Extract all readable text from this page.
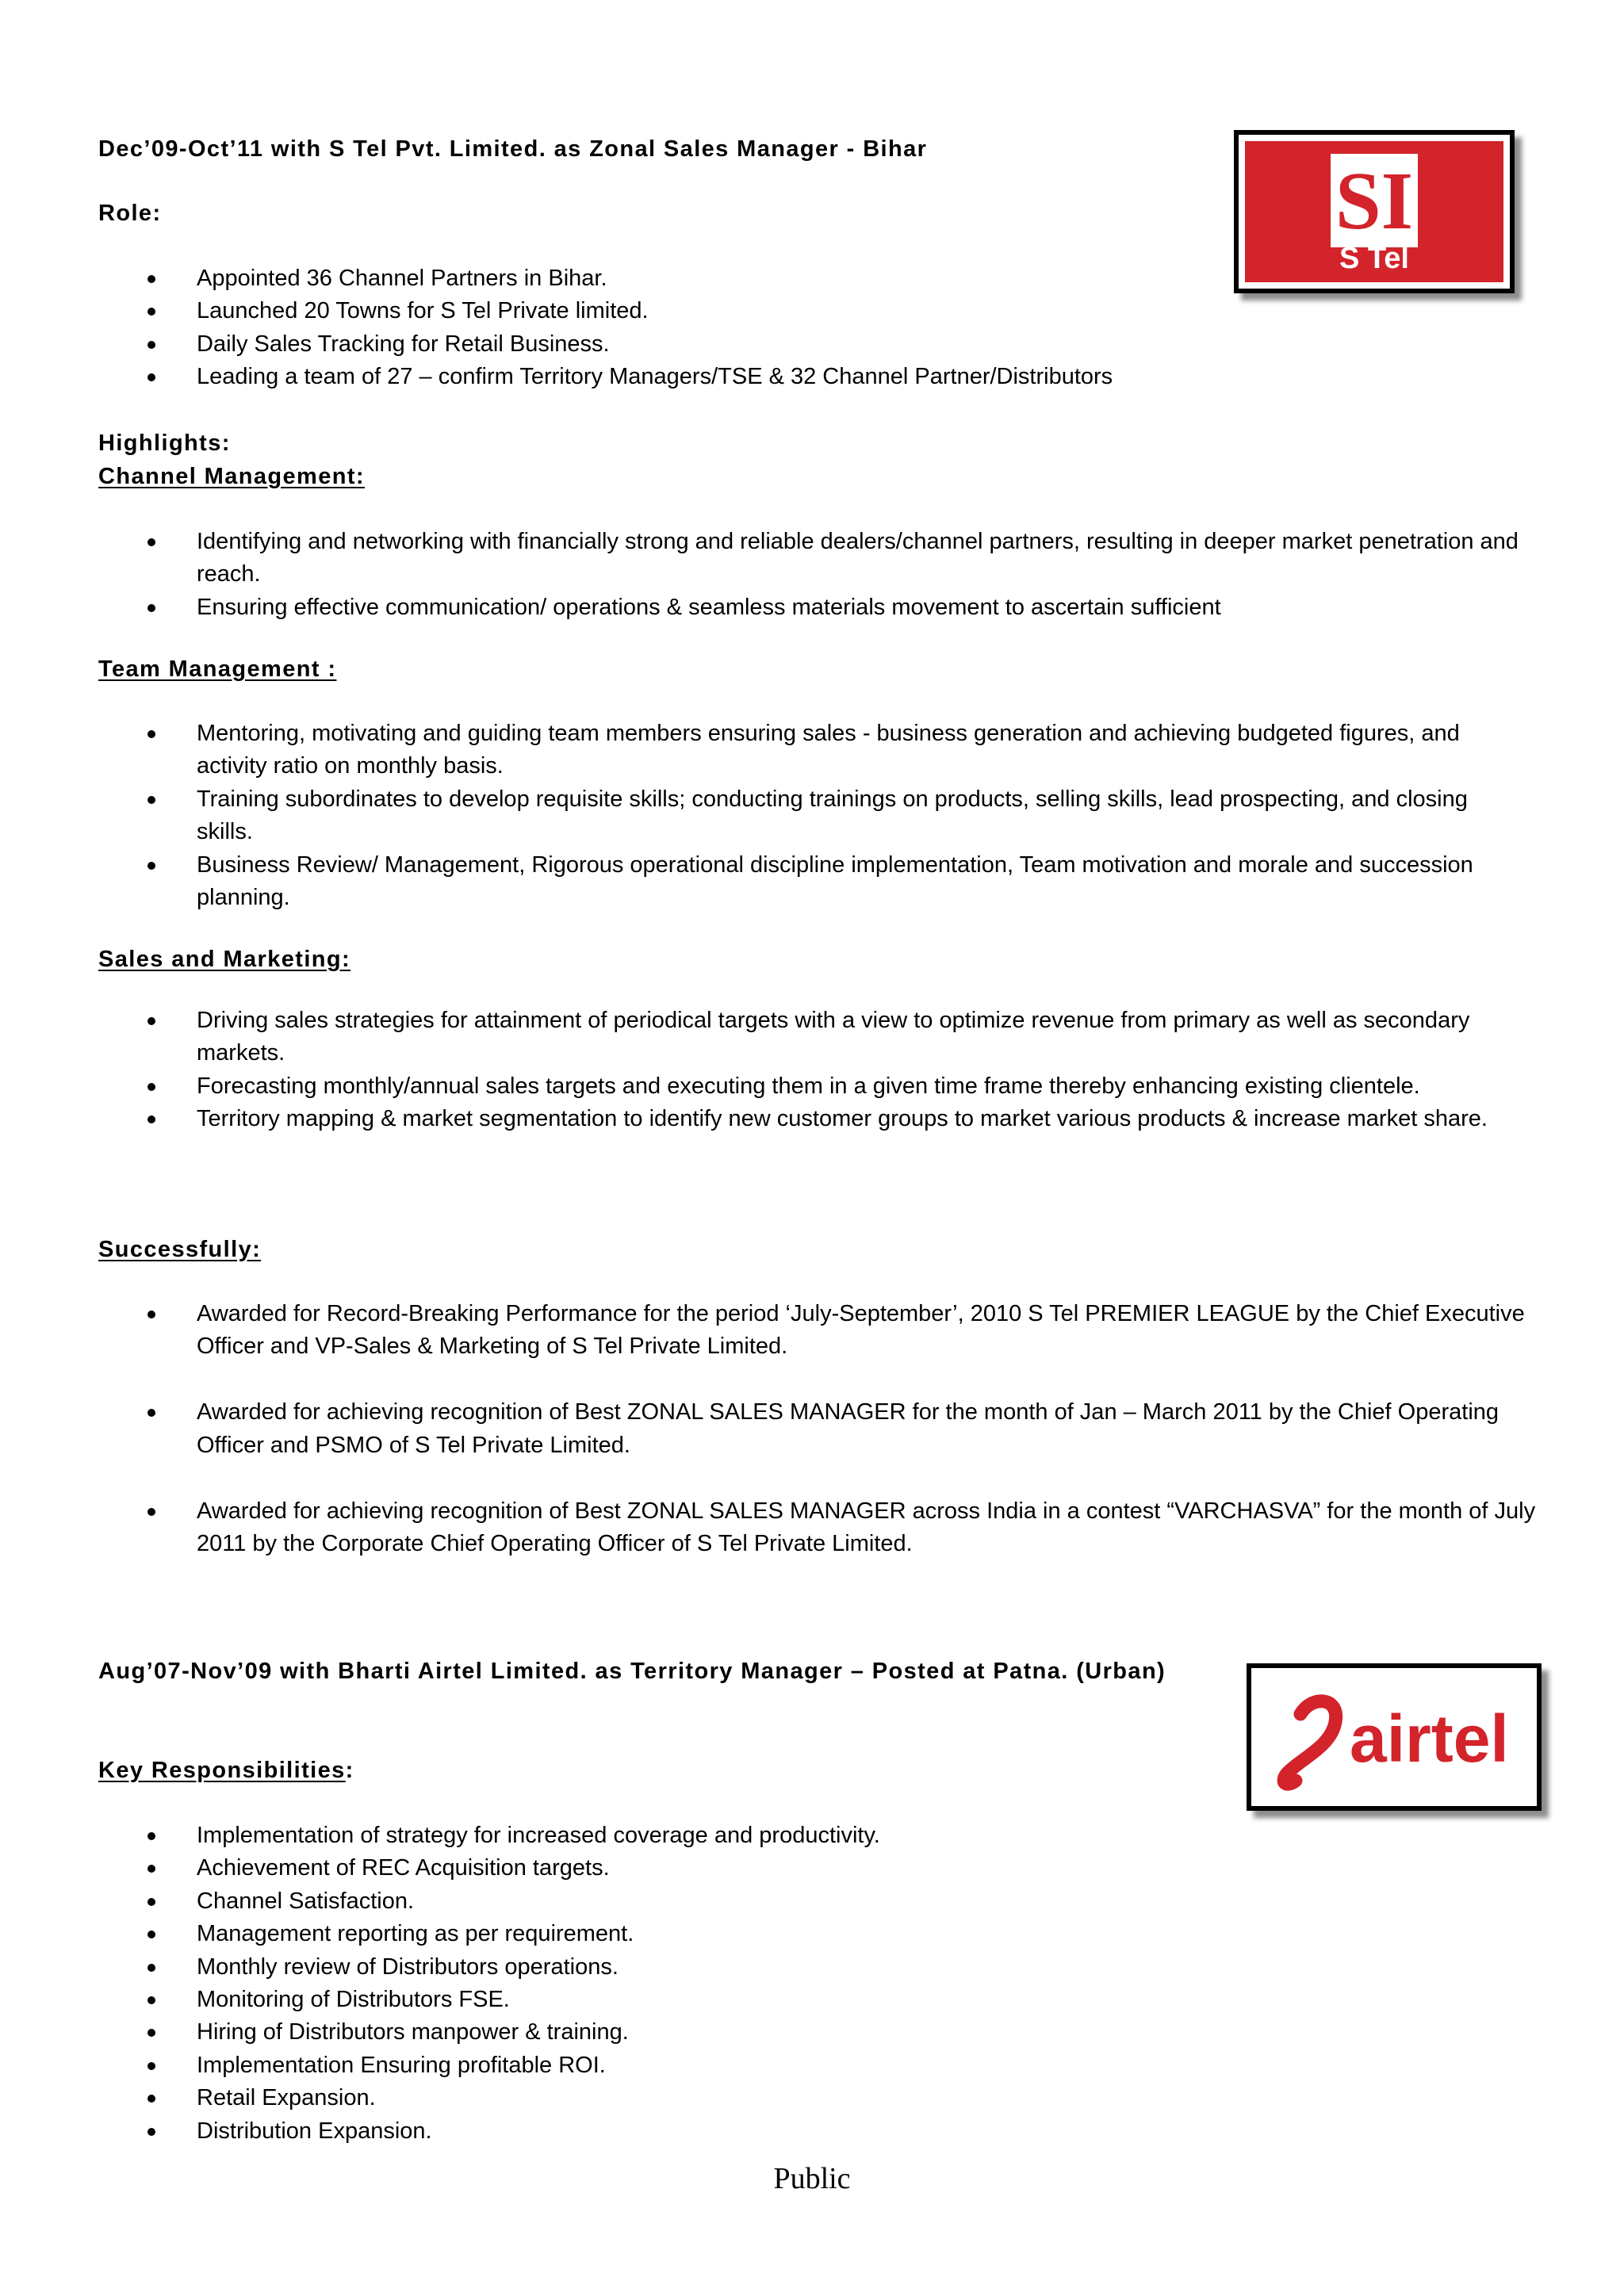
Dec’09-Oct’11 with S Tel Pvt. Limited. as Zonal Sales Manager - Bihar
SI
S Tel
Role:
Appointed 36 Channel Partners in Bihar.
Launched 20 Towns for S Tel Private limited.
Daily Sales Tracking for Retail Business.
Leading a team of 27 – confirm Territory Managers/TSE & 32 Channel Partner/Distributors
Highlights:
Channel Management:
Identifying and networking with financially strong and reliable dealers/channel partners, resulting in deeper market penetration and reach.
Ensuring effective communication/ operations & seamless materials movement to ascertain sufficient
Team Management :
Mentoring, motivating and guiding team members ensuring sales - business generation and achieving budgeted figures, and activity ratio on monthly basis.
Training subordinates to develop requisite skills; conducting trainings on products, selling skills, lead prospecting, and closing skills.
Business Review/ Management, Rigorous operational discipline implementation, Team motivation and morale and succession planning.
Sales and Marketing:
Driving sales strategies for attainment of periodical targets with a view to optimize revenue from primary as well as secondary markets.
Forecasting monthly/annual sales targets and executing them in a given time frame thereby enhancing existing clientele.
Territory mapping & market segmentation to identify new customer groups to market various products & increase market share.
Successfully:
Awarded for Record-Breaking Performance for the period ‘July-September’, 2010 S Tel PREMIER LEAGUE by the Chief Executive Officer and VP-Sales & Marketing of S Tel Private Limited.
Awarded for achieving recognition of Best ZONAL SALES MANAGER for the month of Jan – March 2011 by the Chief Operating Officer and PSMO of S Tel Private Limited.
Awarded for achieving recognition of Best ZONAL SALES MANAGER across India in a contest “VARCHASVA” for the month of July 2011 by the Corporate Chief Operating Officer of S Tel Private Limited.
Aug’07-Nov’09 with Bharti Airtel Limited. as Territory Manager – Posted at Patna. (Urban)
airtel
Key Responsibilities:
Implementation of strategy for increased coverage and productivity.
Achievement of REC Acquisition targets.
Channel Satisfaction.
Management reporting as per requirement.
Monthly review of Distributors operations.
Monitoring of Distributors FSE.
Hiring of Distributors manpower & training.
Implementation Ensuring profitable ROI.
Retail Expansion.
Distribution Expansion.
Public
